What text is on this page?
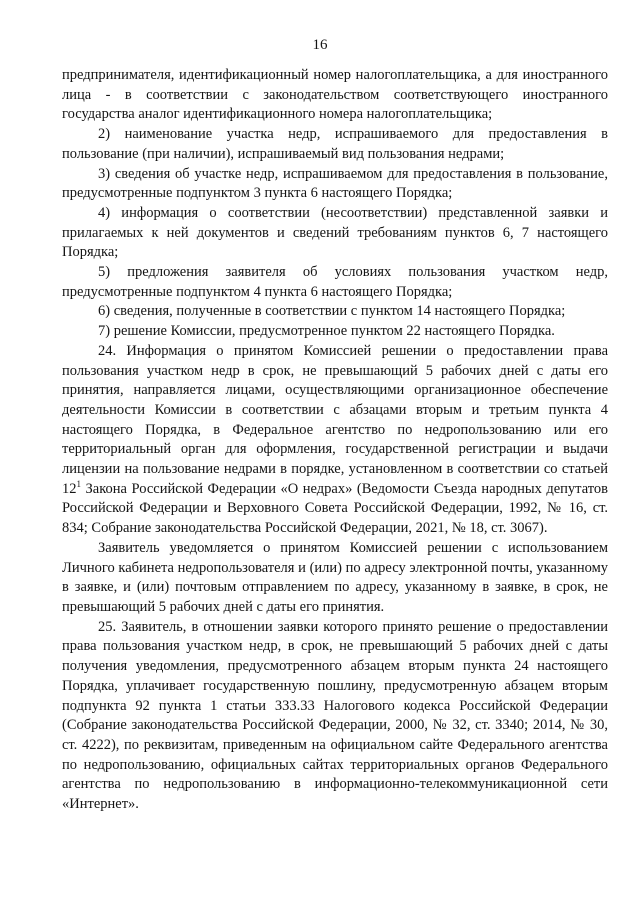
16

предпринимателя, идентификационный номер налогоплательщика, а для иностранного лица - в соответствии с законодательством соответствующего иностранного государства аналог идентификационного номера налогоплательщика;

2) наименование участка недр, испрашиваемого для предоставления в пользование (при наличии), испрашиваемый вид пользования недрами;

3) сведения об участке недр, испрашиваемом для предоставления в пользование, предусмотренные подпунктом 3 пункта 6 настоящего Порядка;

4) информация о соответствии (несоответствии) представленной заявки и прилагаемых к ней документов и сведений требованиям пунктов 6, 7 настоящего Порядка;

5) предложения заявителя об условиях пользования участком недр, предусмотренные подпунктом 4 пункта 6 настоящего Порядка;

6) сведения, полученные в соответствии с пунктом 14 настоящего Порядка;

7) решение Комиссии, предусмотренное пунктом 22 настоящего Порядка.

24. Информация о принятом Комиссией решении о предоставлении права пользования участком недр в срок, не превышающий 5 рабочих дней с даты его принятия, направляется лицами, осуществляющими организационное обеспечение деятельности Комиссии в соответствии с абзацами вторым и третьим пункта 4 настоящего Порядка, в Федеральное агентство по недропользованию или его территориальный орган для оформления, государственной регистрации и выдачи лицензии на пользование недрами в порядке, установленном в соответствии со статьей $12^1$ Закона Российской Федерации «О недрах» (Ведомости Съезда народных депутатов Российской Федерации и Верховного Совета Российской Федерации, 1992, № 16, ст. 834; Собрание законодательства Российской Федерации, 2021, № 18, ст. 3067).

Заявитель уведомляется о принятом Комиссией решении с использованием Личного кабинета недропользователя и (или) по адресу электронной почты, указанному в заявке, и (или) почтовым отправлением по адресу, указанному в заявке, в срок, не превышающий 5 рабочих дней с даты его принятия.

25. Заявитель, в отношении заявки которого принято решение о предоставлении права пользования участком недр, в срок, не превышающий 5 рабочих дней с даты получения уведомления, предусмотренного абзацем вторым пункта 24 настоящего Порядка, уплачивает государственную пошлину, предусмотренную абзацем вторым подпункта 92 пункта 1 статьи 333.33 Налогового кодекса Российской Федерации (Собрание законодательства Российской Федерации, 2000, № 32, ст. 3340; 2014, № 30, ст. 4222), по реквизитам, приведенным на официальном сайте Федерального агентства по недропользованию, официальных сайтах территориальных органов Федерального агентства по недропользованию в информационно-телекоммуникационной сети «Интернет».
